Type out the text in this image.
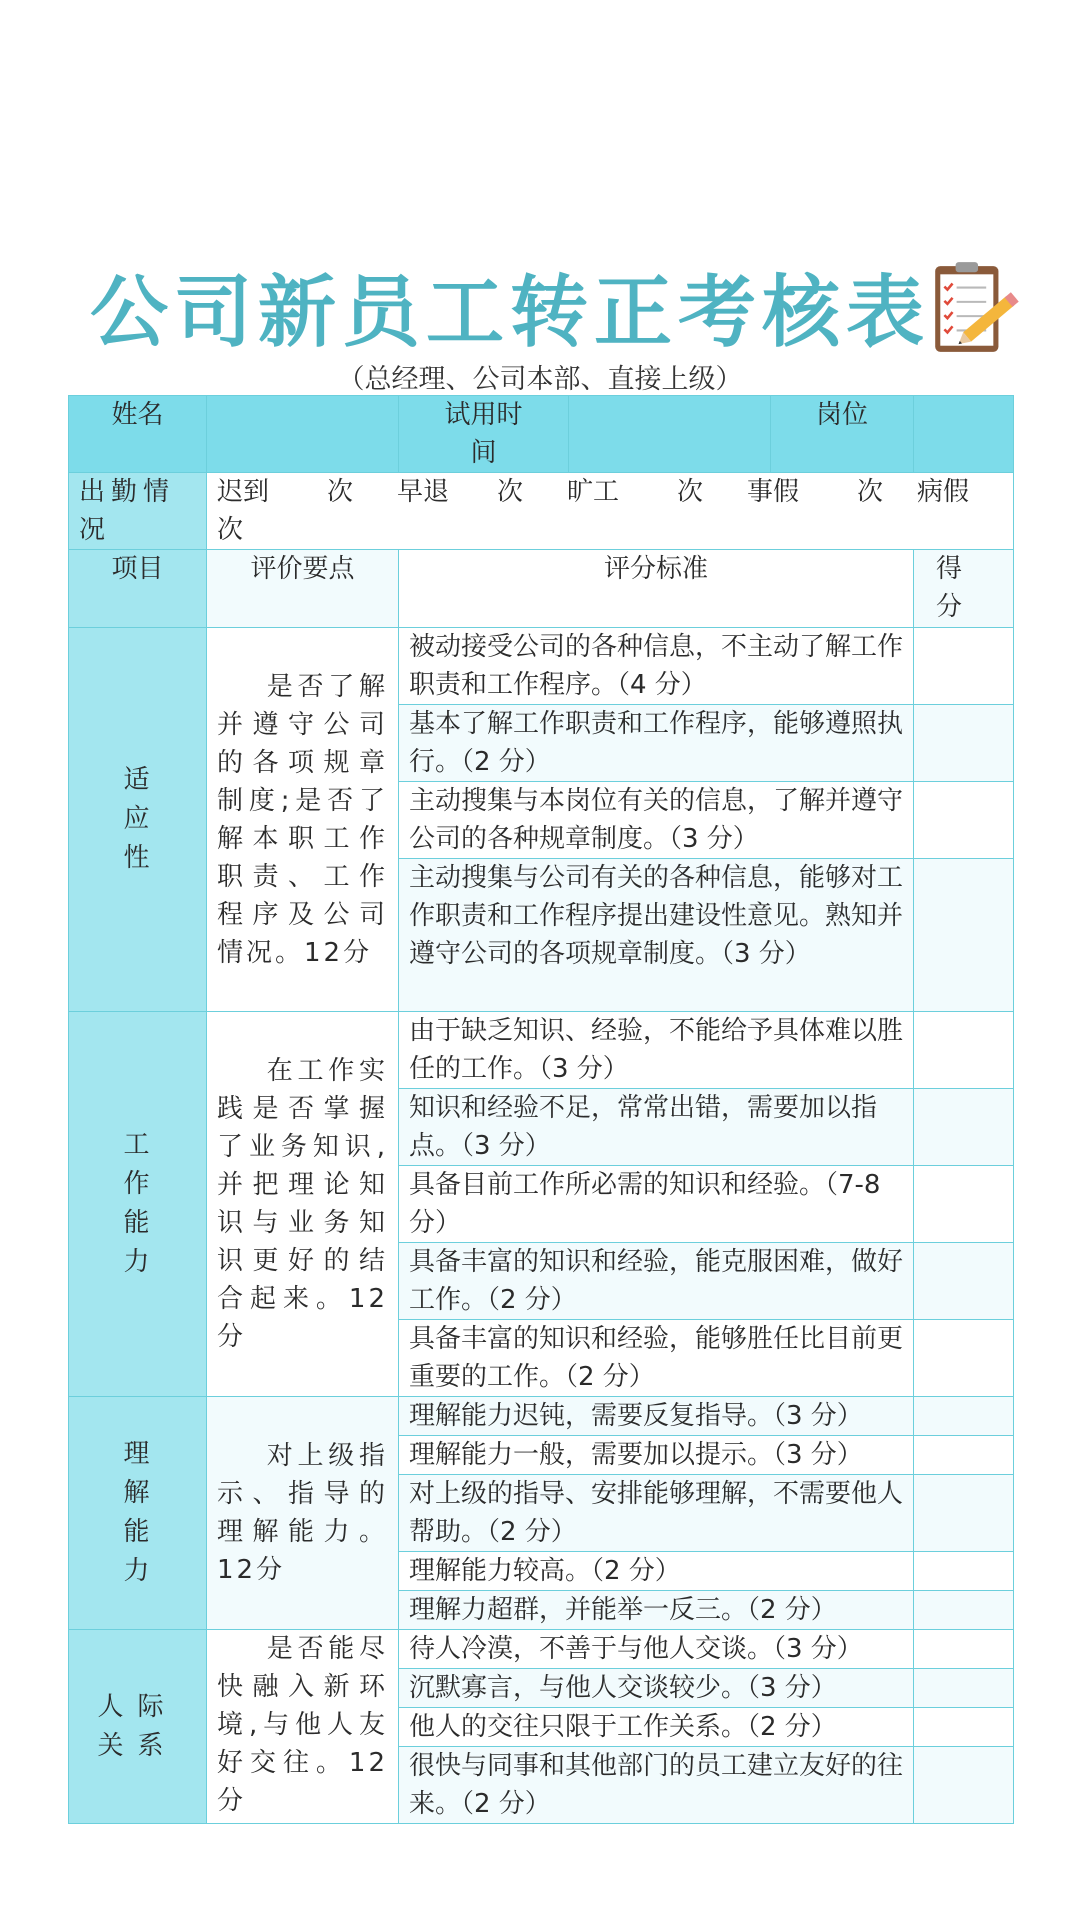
公司新员工转正考核表
（总经理、公司本部、直接上级）
姓名		试用时间		岗位	
出勤情况	迟到 次 早退 次 旷工 次 事假 次 病假
次				
项目	评价要点	评分标准			得分

适应性	是否了解并遵守公司的各项规章制度;是否了解本职工作职责、工作程序及公司情况。12分	被动接受公司的各种信息，不主动了解工作职责和工作程序。（4 分）			
		基本了解工作职责和工作程序，能够遵照执行。（2 分）			
		主动搜集与本岗位有关的信息，了解并遵守公司的各种规章制度。（3 分）			
		主动搜集与公司有关的各种信息，能够对工作职责和工作程序提出建设性意见。熟知并遵守公司的各项规章制度。（3 分）			
工作能力	在工作实践是否掌握了业务知识,并把理论知识与业务知识更好的结合起来。12分	由于缺乏知识、经验，不能给予具体难以胜任的工作。（3 分）			
		知识和经验不足，常常出错，需要加以指点。（3 分）			
		具备目前工作所必需的知识和经验。（7-8 分）			
		具备丰富的知识和经验，能克服困难，做好工作。（2 分）			
		具备丰富的知识和经验，能够胜任比目前更重要的工作。（2 分）			
理解能力	对上级指示、指导的理解能力。12分	理解能力迟钝，需要反复指导。（3 分）			
		理解能力一般，需要加以提示。（3 分）			
		对上级的指导、安排能够理解，不需要他人帮助。（2 分）			
		理解能力较高。（2 分）			
		理解力超群，并能举一反三。（2 分）			
人际关系	是否能尽快融入新环境,与他人友好交往。12分	待人冷漠，不善于与他人交谈。（3 分）			
		沉默寡言，与他人交谈较少。（3 分）			
		他人的交往只限于工作关系。（2 分）			
		很快与同事和其他部门的员工建立友好的往来。（2 分）			
